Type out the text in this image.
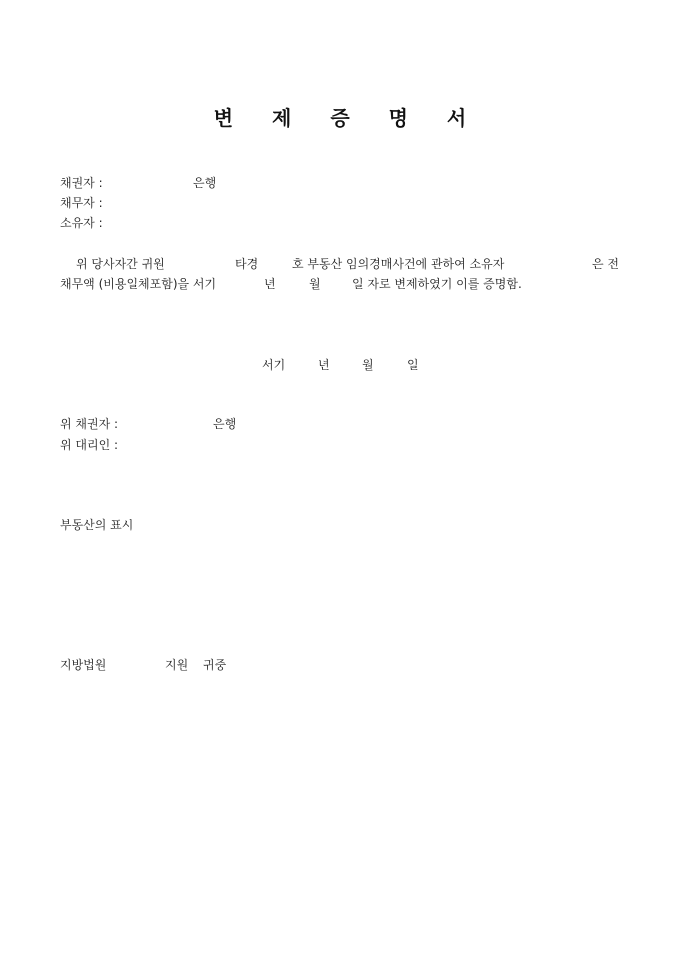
변 제 증 명 서
채권자 :	은행
채무자 :
소유자 :
위 당사자간 귀원	타경	호 부동산 임의경매사건에 관하여 소유자	은 전
채무액 (비용일체포함)을 서기	년	월	일 자로 변제하였기 이를 증명함.
서기	년	월	일
위 채권자 :	은행
위 대리인 :
부동산의 표시
지방법원	지원 귀중
